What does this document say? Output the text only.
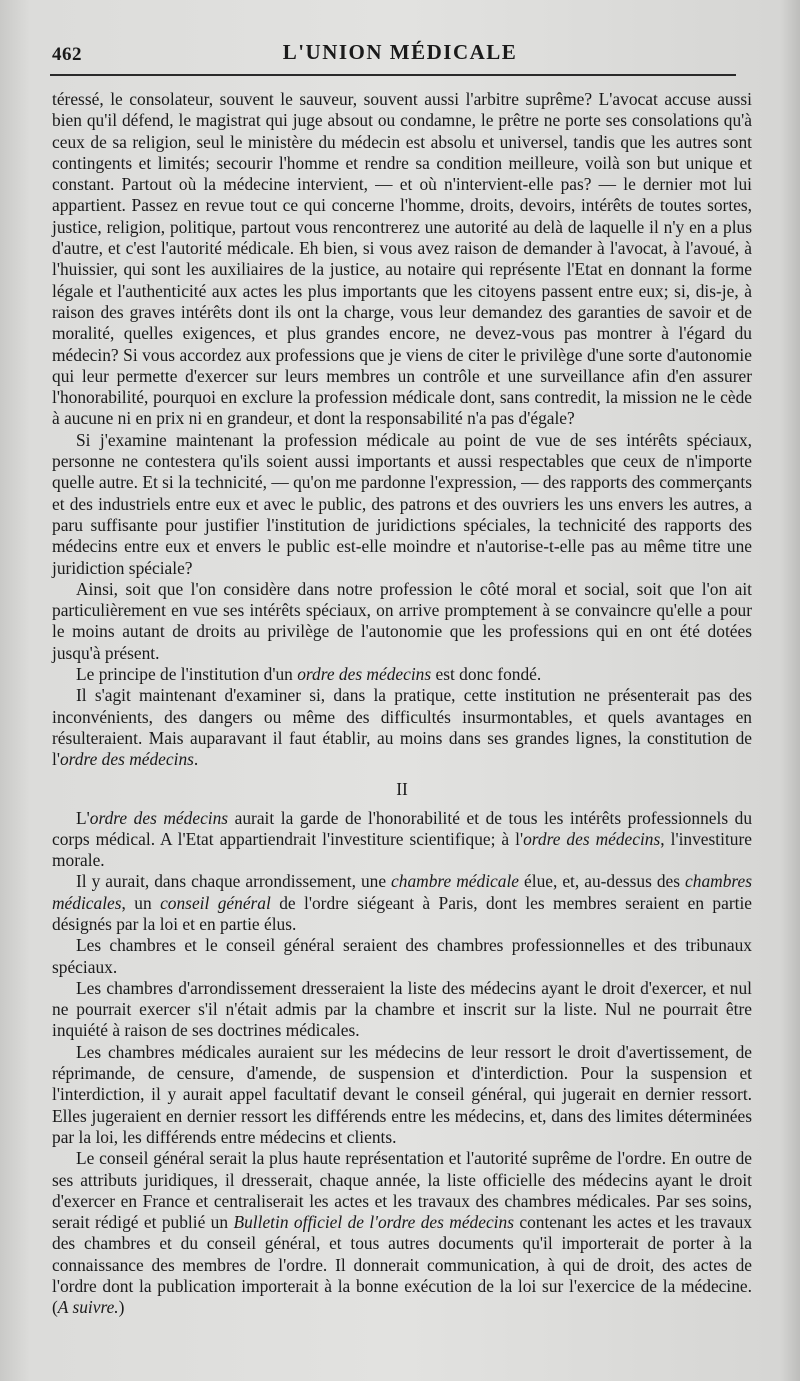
462	L'UNION MÉDICALE

téressé, le consolateur, souvent le sauveur, souvent aussi l'arbitre suprême? L'avocat accuse aussi bien qu'il défend, le magistrat qui juge absout ou condamne, le prêtre ne porte ses consolations qu'à ceux de sa religion, seul le ministère du médecin est absolu et universel, tandis que les autres sont contingents et limités; secourir l'homme et rendre sa condition meilleure, voilà son but unique et constant. Partout où la médecine intervient, — et où n'intervient-elle pas? — le dernier mot lui appartient. Passez en revue tout ce qui concerne l'homme, droits, devoirs, intérêts de toutes sortes, justice, religion, politique, partout vous rencontrerez une autorité au delà de laquelle il n'y en a plus d'autre, et c'est l'autorité médicale. Eh bien, si vous avez raison de demander à l'avocat, à l'avoué, à l'huissier, qui sont les auxiliaires de la justice, au notaire qui représente l'Etat en donnant la forme légale et l'authenticité aux actes les plus importants que les citoyens passent entre eux; si, dis-je, à raison des graves intérêts dont ils ont la charge, vous leur demandez des garanties de savoir et de moralité, quelles exigences, et plus grandes encore, ne devez-vous pas montrer à l'égard du médecin? Si vous accordez aux professions que je viens de citer le privilège d'une sorte d'autonomie qui leur permette d'exercer sur leurs membres un contrôle et une surveillance afin d'en assurer l'honorabilité, pourquoi en exclure la profession médicale dont, sans contredit, la mission ne le cède à aucune ni en prix ni en grandeur, et dont la responsabilité n'a pas d'égale?

Si j'examine maintenant la profession médicale au point de vue de ses intérêts spéciaux, personne ne contestera qu'ils soient aussi importants et aussi respectables que ceux de n'importe quelle autre. Et si la technicité, — qu'on me pardonne l'expression, — des rapports des commerçants et des industriels entre eux et avec le public, des patrons et des ouvriers les uns envers les autres, a paru suffisante pour justifier l'institution de juridictions spéciales, la technicité des rapports des médecins entre eux et envers le public est-elle moindre et n'autorise-t-elle pas au même titre une juridiction spéciale?

Ainsi, soit que l'on considère dans notre profession le côté moral et social, soit que l'on ait particulièrement en vue ses intérêts spéciaux, on arrive promptement à se convaincre qu'elle a pour le moins autant de droits au privilège de l'autonomie que les professions qui en ont été dotées jusqu'à présent.

Le principe de l'institution d'un ordre des médecins est donc fondé.

Il s'agit maintenant d'examiner si, dans la pratique, cette institution ne présenterait pas des inconvénients, des dangers ou même des difficultés insurmontables, et quels avantages en résulteraient. Mais auparavant il faut établir, au moins dans ses grandes lignes, la constitution de l'ordre des médecins.

II

L'ordre des médecins aurait la garde de l'honorabilité et de tous les intérêts professionnels du corps médical. A l'Etat appartiendrait l'investiture scientifique; à l'ordre des médecins, l'investiture morale.

Il y aurait, dans chaque arrondissement, une chambre médicale élue, et, au-dessus des chambres médicales, un conseil général de l'ordre siégeant à Paris, dont les membres seraient en partie désignés par la loi et en partie élus.

Les chambres et le conseil général seraient des chambres professionnelles et des tribunaux spéciaux.

Les chambres d'arrondissement dresseraient la liste des médecins ayant le droit d'exercer, et nul ne pourrait exercer s'il n'était admis par la chambre et inscrit sur la liste. Nul ne pourrait être inquiété à raison de ses doctrines médicales.

Les chambres médicales auraient sur les médecins de leur ressort le droit d'avertissement, de réprimande, de censure, d'amende, de suspension et d'interdiction. Pour la suspension et l'interdiction, il y aurait appel facultatif devant le conseil général, qui jugerait en dernier ressort. Elles jugeraient en dernier ressort les différends entre les médecins, et, dans des limites déterminées par la loi, les différends entre médecins et clients.

Le conseil général serait la plus haute représentation et l'autorité suprême de l'ordre. En outre de ses attributs juridiques, il dresserait, chaque année, la liste officielle des médecins ayant le droit d'exercer en France et centraliserait les actes et les travaux des chambres médicales. Par ses soins, serait rédigé et publié un Bulletin officiel de l'ordre des médecins contenant les actes et les travaux des chambres et du conseil général, et tous autres documents qu'il importerait de porter à la connaissance des membres de l'ordre. Il donnerait communication, à qui de droit, des actes de l'ordre dont la publication importerait à la bonne exécution de la loi sur l'exercice de la médecine. (A suivre.)
